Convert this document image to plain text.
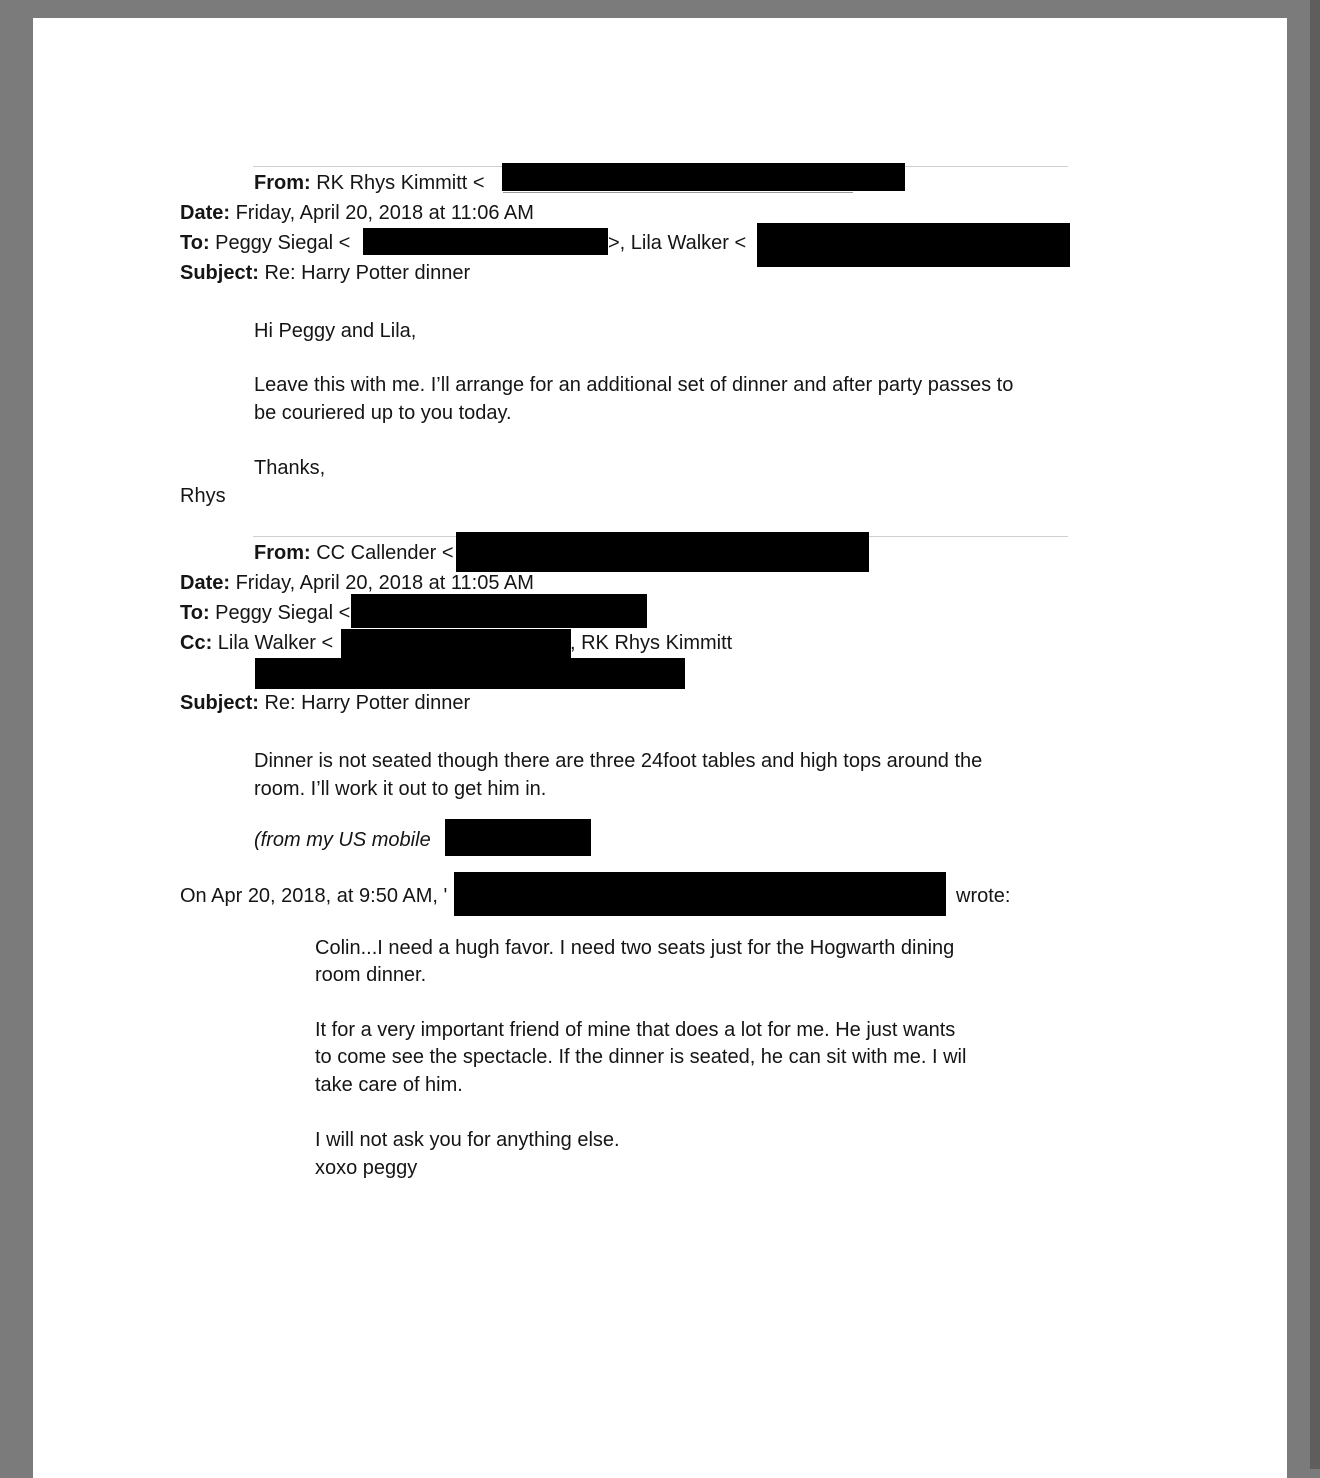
From: RK Rhys Kimmitt <
Date: Friday, April 20, 2018 at 11:06 AM
To: Peggy Siegal <	>, Lila Walker <
Subject: Re: Harry Potter dinner
Hi Peggy and Lila,
Leave this with me. I’ll arrange for an additional set of dinner and after party passes to
be couriered up to you today.
Thanks,
Rhys
From: CC Callender <
Date: Friday, April 20, 2018 at 11:05 AM
To: Peggy Siegal <
Cc: Lila Walker <	, RK Rhys Kimmitt
Subject: Re: Harry Potter dinner
Dinner is not seated though there are three 24foot tables and high tops around the
room. I’ll work it out to get him in.
(from my US mobile
On Apr 20, 2018, at 9:50 AM, '	wrote:
Colin...I need a hugh favor. I need two seats just for the Hogwarth dining
room dinner.
It for a very important friend of mine that does a lot for me. He just wants
to come see the spectacle. If the dinner is seated, he can sit with me. I wil
take care of him.
I will not ask you for anything else.
xoxo peggy
